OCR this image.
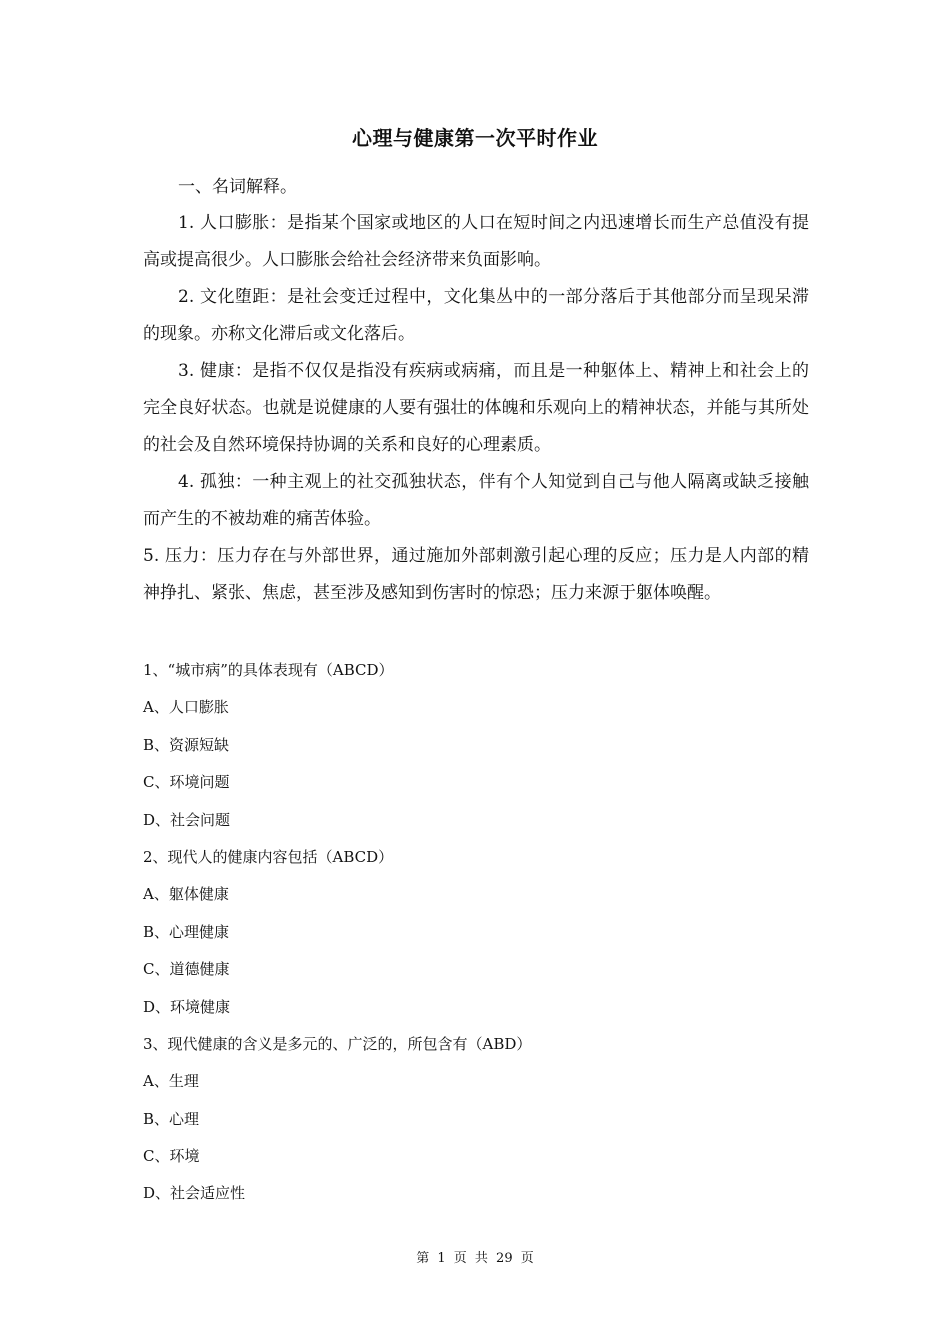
心理与健康第一次平时作业
一、名词解释。

1. 人口膨胀：是指某个国家或地区的人口在短时间之内迅速增长而生产总值没有提高或提高很少。人口膨胀会给社会经济带来负面影响。

2. 文化堕距：是社会变迁过程中，文化集丛中的一部分落后于其他部分而呈现呆滞的现象。亦称文化滞后或文化落后。

3. 健康：是指不仅仅是指没有疾病或病痛，而且是一种躯体上、精神上和社会上的完全良好状态。也就是说健康的人要有强壮的体魄和乐观向上的精神状态，并能与其所处的社会及自然环境保持协调的关系和良好的心理素质。

4. 孤独：一种主观上的社交孤独状态，伴有个人知觉到自己与他人隔离或缺乏接触而产生的不被劫难的痛苦体验。

5. 压力：压力存在与外部世界，通过施加外部刺激引起心理的反应；压力是人内部的精神挣扎、紧张、焦虑，甚至涉及感知到伤害时的惊恐；压力来源于躯体唤醒。

1、“城市病”的具体表现有（ABCD）
A、人口膨胀
B、资源短缺
C、环境问题
D、社会问题
2、现代人的健康内容包括（ABCD）
A、躯体健康
B、心理健康
C、道德健康
D、环境健康
3、现代健康的含义是多元的、广泛的，所包含有（ABD）
A、生理
B、心理
C、环境
D、社会适应性
第 1 页 共 29 页
